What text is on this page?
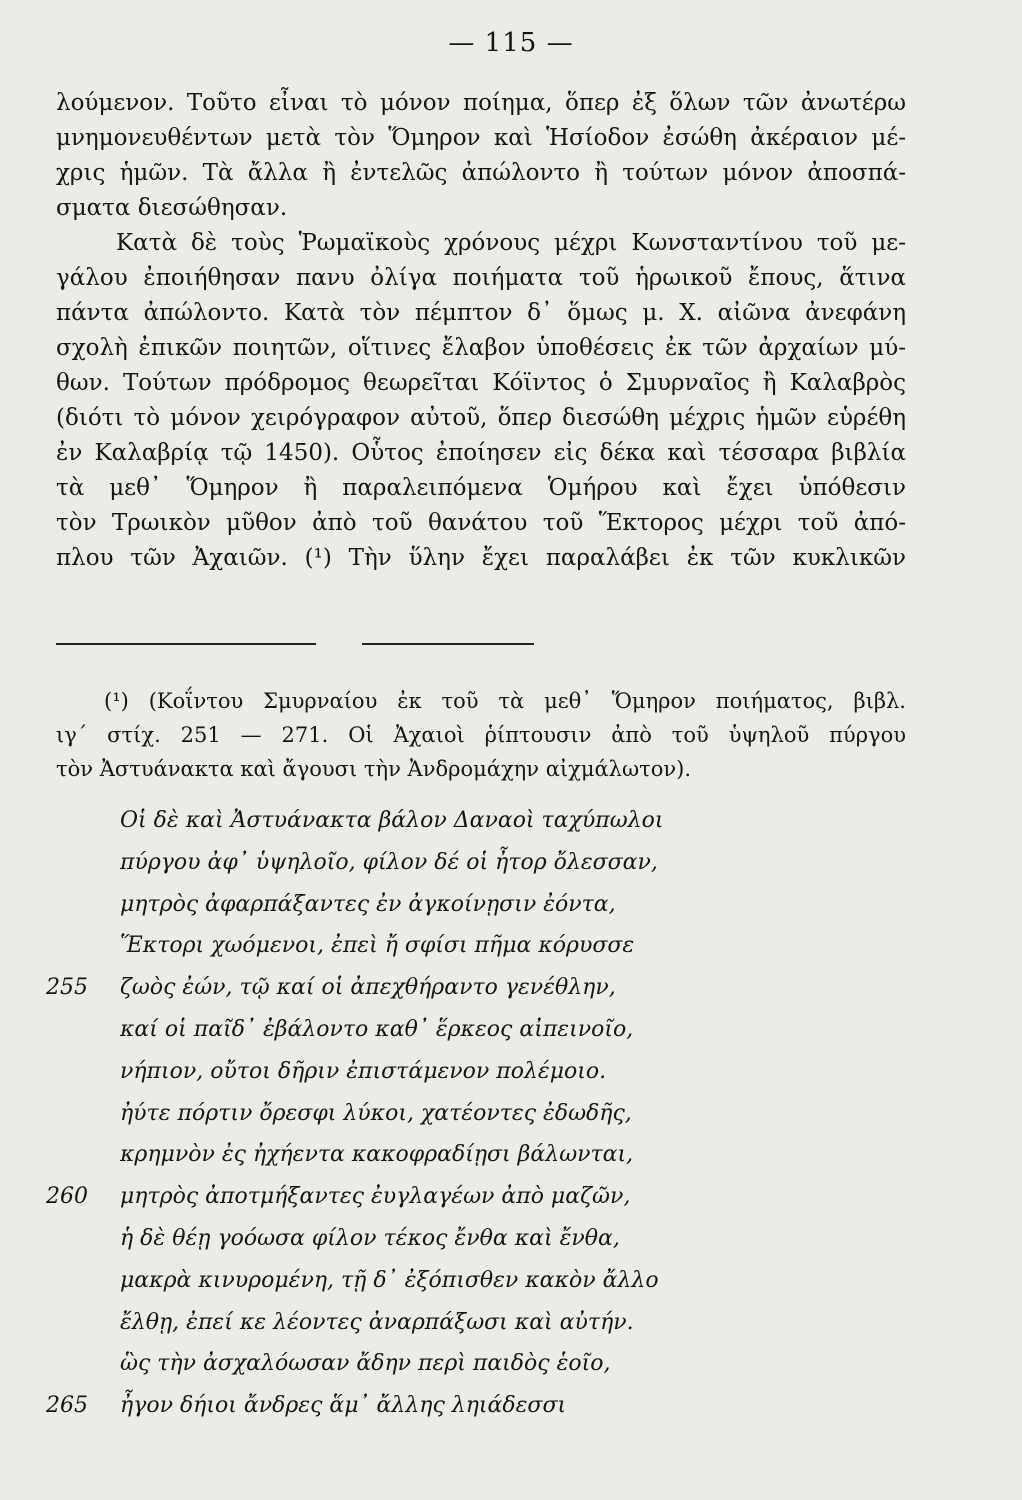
— 115 —
λούμενον. Τοῦτο εἶναι τὸ μόνον ποίημα, ὅπερ ἐξ ὅλων τῶν ἀνωτέρω
μνημονευθέντων μετὰ τὸν Ὅμηρον καὶ Ἡσίοδον ἐσώθη ἀκέραιον μέ-
χρις ἡμῶν. Τὰ ἄλλα ἢ ἐντελῶς ἀπώλοντο ἢ τούτων μόνον ἀποσπά-
σματα διεσώθησαν.
Κατὰ δὲ τοὺς Ῥωμαϊκοὺς χρόνους μέχρι Κωνσταντίνου τοῦ με-
γάλου ἐποιήθησαν πανυ ὀλίγα ποιήματα τοῦ ἡρωικοῦ ἔπους, ἅτινα
πάντα ἀπώλοντο. Κατὰ τὸν πέμπτον δ᾽ ὅμως μ. Χ. αἰῶνα ἀνεφάνη
σχολὴ ἐπικῶν ποιητῶν, οἵτινες ἔλαβον ὑποθέσεις ἐκ τῶν ἀρχαίων μύ-
θων. Τούτων πρόδρομος θεωρεῖται Κόϊντος ὁ Σμυρναῖος ἢ Καλαβρὸς
(διότι τὸ μόνον χειρόγραφον αὐτοῦ, ὅπερ διεσώθη μέχρις ἡμῶν εὑρέθη
ἐν Καλαβρίᾳ τῷ 1450). Οὗτος ἐποίησεν εἰς δέκα καὶ τέσσαρα βιβλία
τὰ μεθ᾽ Ὅμηρον ἢ παραλειπόμενα Ὁμήρου καὶ ἔχει ὑπόθεσιν
τὸν Τρωικὸν μῦθον ἀπὸ τοῦ θανάτου τοῦ Ἕκτορος μέχρι τοῦ ἀπό-
πλου τῶν Ἀχαιῶν. (¹) Τὴν ὕλην ἔχει παραλάβει ἐκ τῶν κυκλικῶν
(¹) (Κοΐντου Σμυρναίου ἐκ τοῦ τὰ μεθ᾽ Ὅμηρον ποιήματος, βιβλ.
ιγ΄ στίχ. 251 — 271. Οἱ Ἀχαιοὶ ῥίπτουσιν ἀπὸ τοῦ ὑψηλοῦ πύργου
τὸν Ἀστυάνακτα καὶ ἄγουσι τὴν Ἀνδρομάχην αἰχμάλωτον).
Οἱ δὲ καὶ Ἀστυάνακτα βάλον Δαναοὶ ταχύπωλοι
πύργου ἀφ᾽ ὑψηλοῖο, φίλον δέ οἱ ἦτορ ὄλεσσαν,
μητρὸς ἀφαρπάξαντες ἐν ἀγκοίνῃσιν ἐόντα,
Ἕκτορι χωόμενοι, ἐπεὶ ἤ σφίσι πῆμα κόρυσσε
255	ζωὸς ἐών, τῷ καί οἱ ἀπεχθήραντο γενέθλην,
καί οἱ παῖδ᾽ ἐβάλοντο καθ᾽ ἕρκεος αἰπεινοῖο,
νήπιον, οὔτοι δῆριν ἐπιστάμενον πολέμοιο.
ἠύτε πόρτιν ὄρεσφι λύκοι, χατέοντες ἐδωδῆς,
κρημνὸν ἐς ἠχήεντα κακοφραδίῃσι βάλωνται,
260	μητρὸς ἀποτμήξαντες ἐυγλαγέων ἀπὸ μαζῶν,
ἡ δὲ θέῃ γοόωσα φίλον τέκος ἔνθα καὶ ἔνθα,
μακρὰ κινυρομένη, τῇ δ᾽ ἐξόπισθεν κακὸν ἄλλο
ἔλθῃ, ἐπεί κε λέοντες ἀναρπάξωσι καὶ αὐτήν.
ὣς τὴν ἀσχαλόωσαν ἄδην περὶ παιδὸς ἑοῖο,
265	ἦγον δήιοι ἄνδρες ἅμ᾽ ἄλλης ληιάδεσσι
